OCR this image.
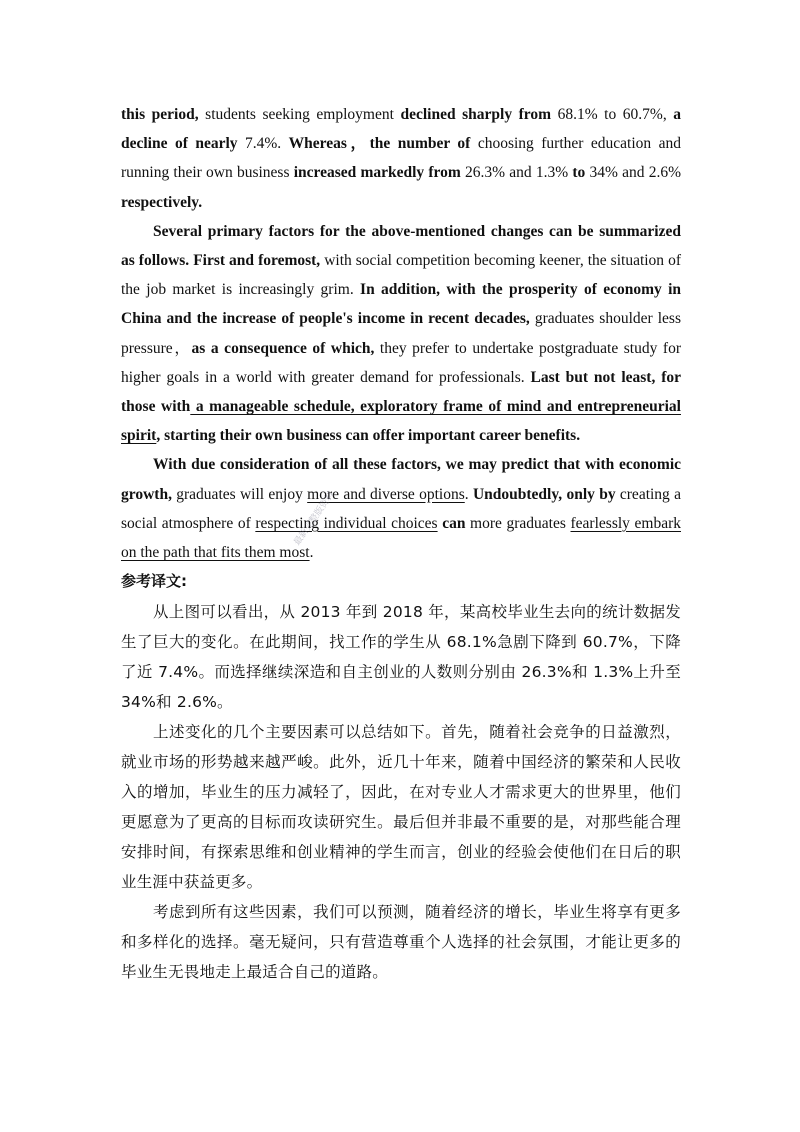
this period, students seeking employment declined sharply from 68.1% to 60.7%, a decline of nearly 7.4%. Whereas，the number of choosing further education and running their own business increased markedly from 26.3% and 1.3% to 34% and 2.6% respectively.

Several primary factors for the above-mentioned changes can be summarized as follows. First and foremost, with social competition becoming keener, the situation of the job market is increasingly grim. In addition, with the prosperity of economy in China and the increase of people's income in recent decades, graduates shoulder less pressure，as a consequence of which, they prefer to undertake postgraduate study for higher goals in a world with greater demand for professionals. Last but not least, for those with a manageable schedule, exploratory frame of mind and entrepreneurial spirit, starting their own business can offer important career benefits.

With due consideration of all these factors, we may predict that with economic growth, graduates will enjoy more and diverse options. Undoubtedly, only by creating a social atmosphere of respecting individual choices can more graduates fearlessly embark on the path that fits them most.

参考译文:

从上图可以看出，从 2013 年到 2018 年，某高校毕业生去向的统计数据发生了巨大的变化。在此期间，找工作的学生从 68.1%急剧下降到 60.7%，下降了近 7.4%。而选择继续深造和自主创业的人数则分别由 26.3%和 1.3%上升至 34%和 2.6%。

上述变化的几个主要因素可以总结如下。首先，随着社会竞争的日益激烈，就业市场的形势越来越严峻。此外，近几十年来，随着中国经济的繁荣和人民收入的增加，毕业生的压力减轻了，因此，在对专业人才需求更大的世界里，他们更愿意为了更高的目标而攻读研究生。最后但并非最不重要的是，对那些能合理安排时间，有探索思维和创业精神的学生而言，创业的经验会使他们在日后的职业生涯中获益更多。

考虑到所有这些因素，我们可以预测，随着经济的增长，毕业生将享有更多和多样化的选择。毫无疑问，只有营造尊重个人选择的社会氛围，才能让更多的毕业生无畏地走上最适合自己的道路。

最新完整版资料
